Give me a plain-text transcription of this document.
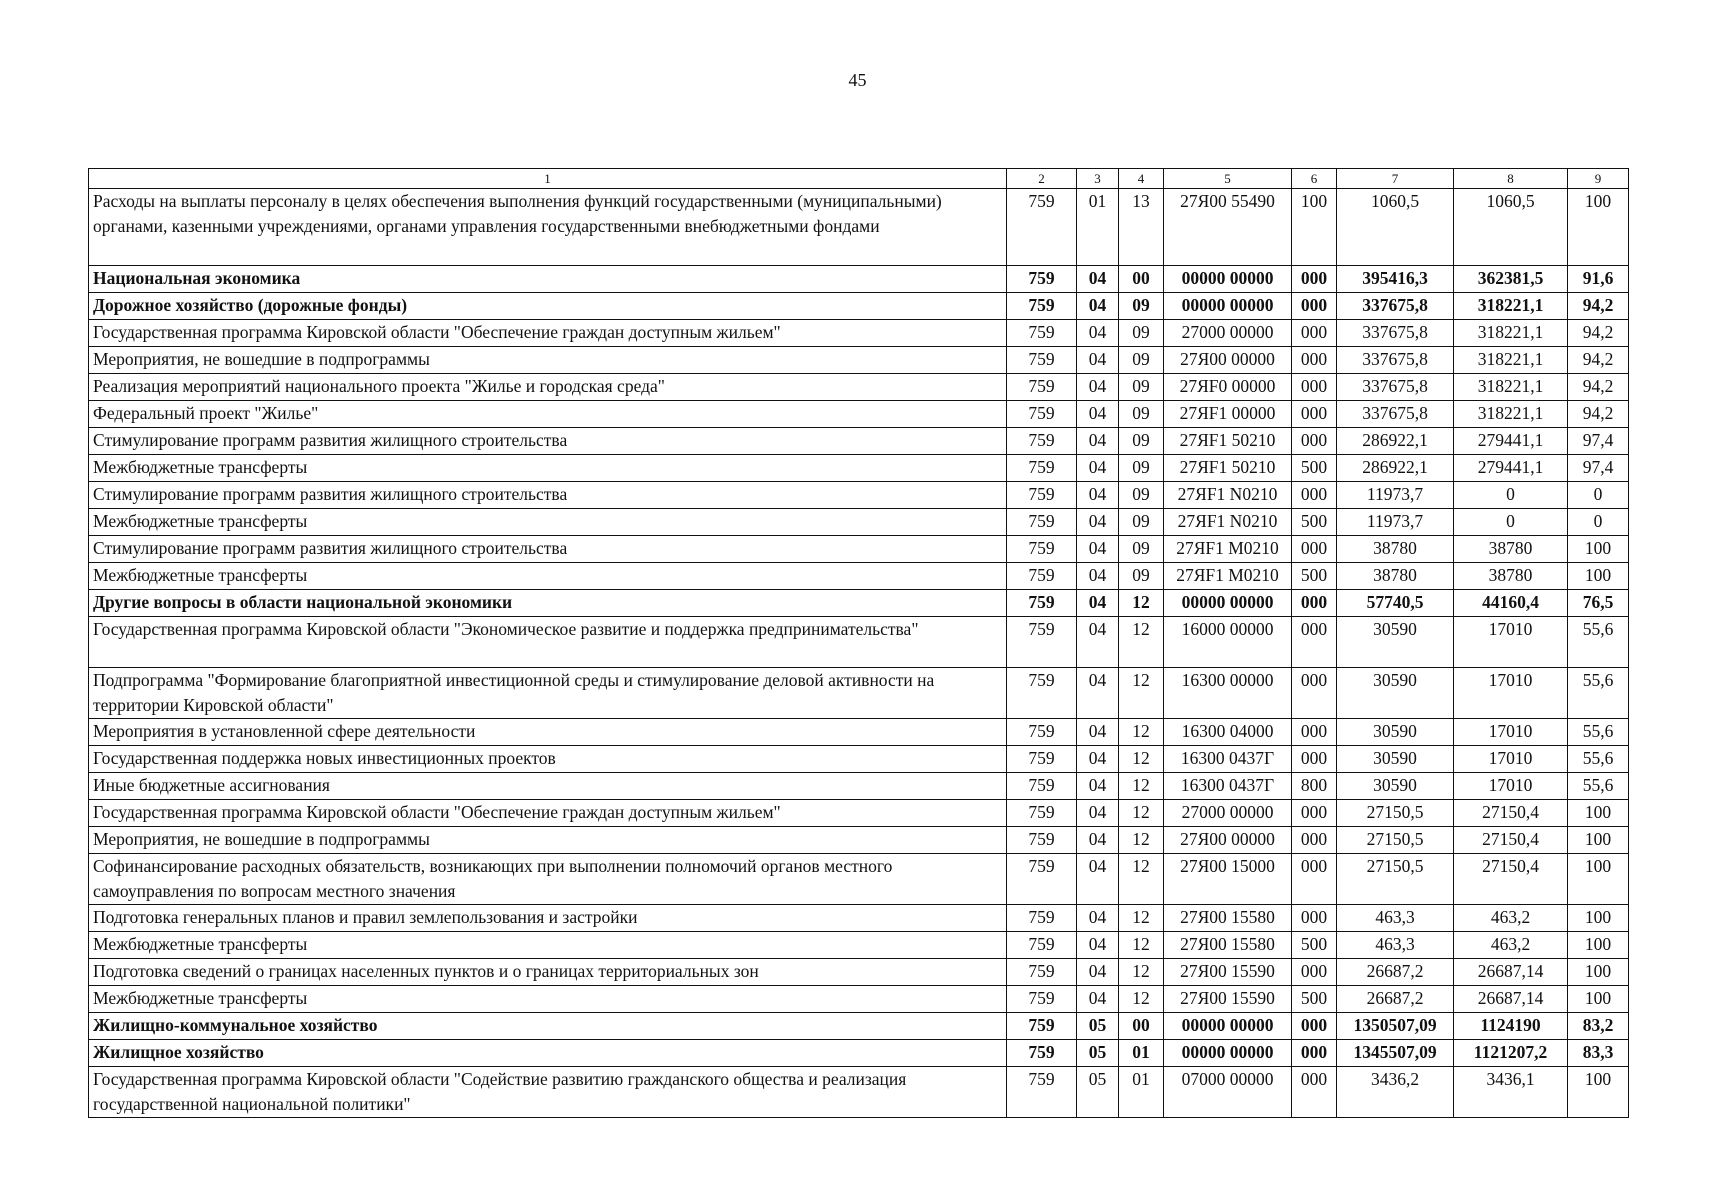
45
1	2	3	4	5	6	7	8	9
Расходы на выплаты персоналу в целях обеспечения выполнения функций государственными (муниципальными) органами, казенными учреждениями, органами управления государственными внебюджетными фондами	759	01	13	27Я00 55490	100	1060,5	1060,5	100
Национальная экономика	759	04	00	00000 00000	000	395416,3	362381,5	91,6
Дорожное хозяйство (дорожные фонды)	759	04	09	00000 00000	000	337675,8	318221,1	94,2
Государственная программа Кировской области "Обеспечение граждан доступным жильем"	759	04	09	27000 00000	000	337675,8	318221,1	94,2
Мероприятия, не вошедшие в подпрограммы	759	04	09	27Я00 00000	000	337675,8	318221,1	94,2
Реализация мероприятий национального проекта "Жилье и городская среда"	759	04	09	27ЯF0 00000	000	337675,8	318221,1	94,2
Федеральный проект "Жилье"	759	04	09	27ЯF1 00000	000	337675,8	318221,1	94,2
Стимулирование программ развития жилищного строительства	759	04	09	27ЯF1 50210	000	286922,1	279441,1	97,4
Межбюджетные трансферты	759	04	09	27ЯF1 50210	500	286922,1	279441,1	97,4
Стимулирование программ развития жилищного строительства	759	04	09	27ЯF1 N0210	000	11973,7	0	0
Межбюджетные трансферты	759	04	09	27ЯF1 N0210	500	11973,7	0	0
Стимулирование программ развития жилищного строительства	759	04	09	27ЯF1 M0210	000	38780	38780	100
Межбюджетные трансферты	759	04	09	27ЯF1 M0210	500	38780	38780	100
Другие вопросы в области национальной экономики	759	04	12	00000 00000	000	57740,5	44160,4	76,5
Государственная программа Кировской области "Экономическое развитие и поддержка предпринимательства"	759	04	12	16000 00000	000	30590	17010	55,6
Подпрограмма "Формирование благоприятной инвестиционной среды и стимулирование деловой активности на территории Кировской области"	759	04	12	16300 00000	000	30590	17010	55,6
Мероприятия в установленной сфере деятельности	759	04	12	16300 04000	000	30590	17010	55,6
Государственная поддержка новых инвестиционных проектов	759	04	12	16300 0437Г	000	30590	17010	55,6
Иные бюджетные ассигнования	759	04	12	16300 0437Г	800	30590	17010	55,6
Государственная программа Кировской области "Обеспечение граждан доступным жильем"	759	04	12	27000 00000	000	27150,5	27150,4	100
Мероприятия, не вошедшие в подпрограммы	759	04	12	27Я00 00000	000	27150,5	27150,4	100
Софинансирование расходных обязательств, возникающих при выполнении полномочий органов местного самоуправления по вопросам местного значения	759	04	12	27Я00 15000	000	27150,5	27150,4	100
Подготовка генеральных планов и правил землепользования и застройки	759	04	12	27Я00 15580	000	463,3	463,2	100
Межбюджетные трансферты	759	04	12	27Я00 15580	500	463,3	463,2	100
Подготовка сведений о границах населенных пунктов и о границах территориальных зон	759	04	12	27Я00 15590	000	26687,2	26687,14	100
Межбюджетные трансферты	759	04	12	27Я00 15590	500	26687,2	26687,14	100
Жилищно-коммунальное хозяйство	759	05	00	00000 00000	000	1350507,09	1124190	83,2
Жилищное хозяйство	759	05	01	00000 00000	000	1345507,09	1121207,2	83,3
Государственная программа Кировской области "Содействие развитию гражданского общества и реализация государственной национальной политики"	759	05	01	07000 00000	000	3436,2	3436,1	100
